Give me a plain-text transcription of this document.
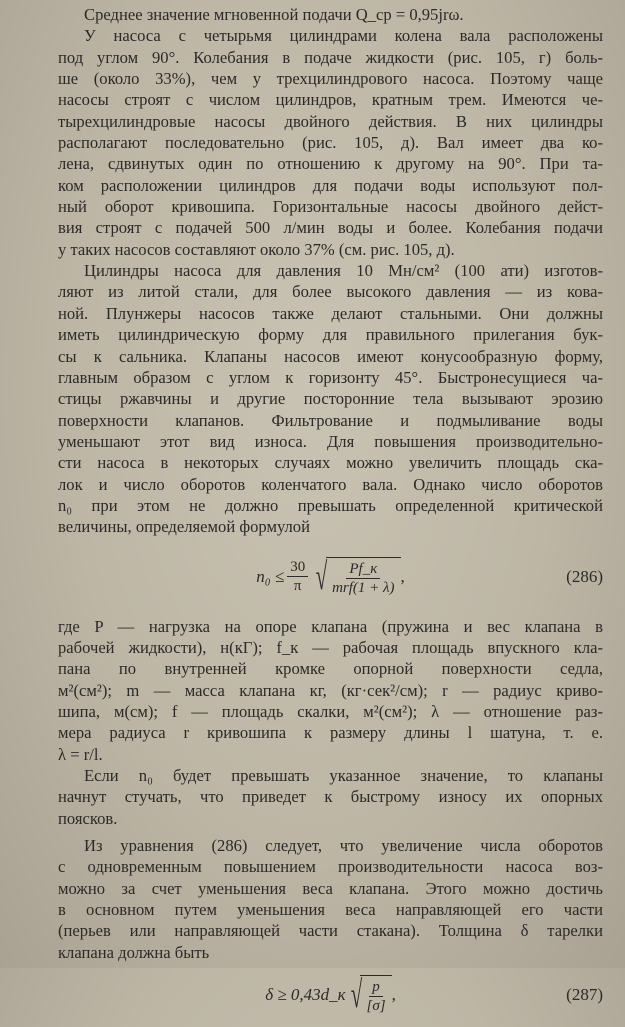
Среднее значение мгновенной подачи Q_ср = 0,95jrω.
У насоса с четырьмя цилиндрами колена вала расположены
под углом 90°. Колебания в подаче жидкости (рис. 105, г) боль-
ше (около 33%), чем у трехцилиндрового насоса. Поэтому чаще
насосы строят с числом цилиндров, кратным трем. Имеются че-
тырехцилиндровые насосы двойного действия. В них цилиндры
располагают последовательно (рис. 105, д). Вал имеет два ко-
лена, сдвинутых один по отношению к другому на 90°. При та-
ком расположении цилиндров для подачи воды используют пол-
ный оборот кривошипа. Горизонтальные насосы двойного дейст-
вия строят с подачей 500 л/мин воды и более. Колебания подачи
у таких насосов составляют около 37% (см. рис. 105, д).
Цилиндры насоса для давления 10 Мн/см² (100 ати) изготов-
ляют из литой стали, для более высокого давления — из кова-
ной. Плунжеры насосов также делают стальными. Они должны
иметь цилиндрическую форму для правильного прилегания бук-
сы к сальника. Клапаны насосов имеют конусообразную форму,
главным образом с углом к горизонту 45°. Быстронесущиеся ча-
стицы ржавчины и другие посторонние тела вызывают эрозию
поверхности клапанов. Фильтрование и подмыливание воды
уменьшают этот вид износа. Для повышения производительно-
сти насоса в некоторых случаях можно увеличить площадь ска-
лок и число оборотов коленчатого вала. Однако число оборотов
n₀ при этом не должно превышать определенной критической
величины, определяемой формулой
$n_0 \le \frac{30}{\pi}$ √ $\frac{Pf\_к}{\text{mrf(1 + λ)}}$ ,	(286)
где P — нагрузка на опоре клапана (пружина и вес клапана в
рабочей жидкости), н(кГ); f_к — рабочая площадь впускного кла-
пана по внутренней кромке опорной поверхности седла,
м²(см²); m — масса клапана кг, (кг·сек²/см); r — радиус криво-
шипа, м(см); f — площадь скалки, м²(см²); λ — отношение раз-
мера радиуса r кривошипа к размеру длины l шатуна, т. е.
λ = r/l.
Если n₀ будет превышать указанное значение, то клапаны
начнут стучать, что приведет к быстрому износу их опорных
поясков.
Из уравнения (286) следует, что увеличение числа оборотов
с одновременным повышением производительности насоса воз-
можно за счет уменьшения веса клапана. Этого можно достичь
в основном путем уменьшения веса направляющей его части
(перьев или направляющей части стакана). Толщина δ тарелки
клапана должна быть
δ ≥ 0,43d_к √ $\frac{p}{[\sigma]}$ ,	(287)
